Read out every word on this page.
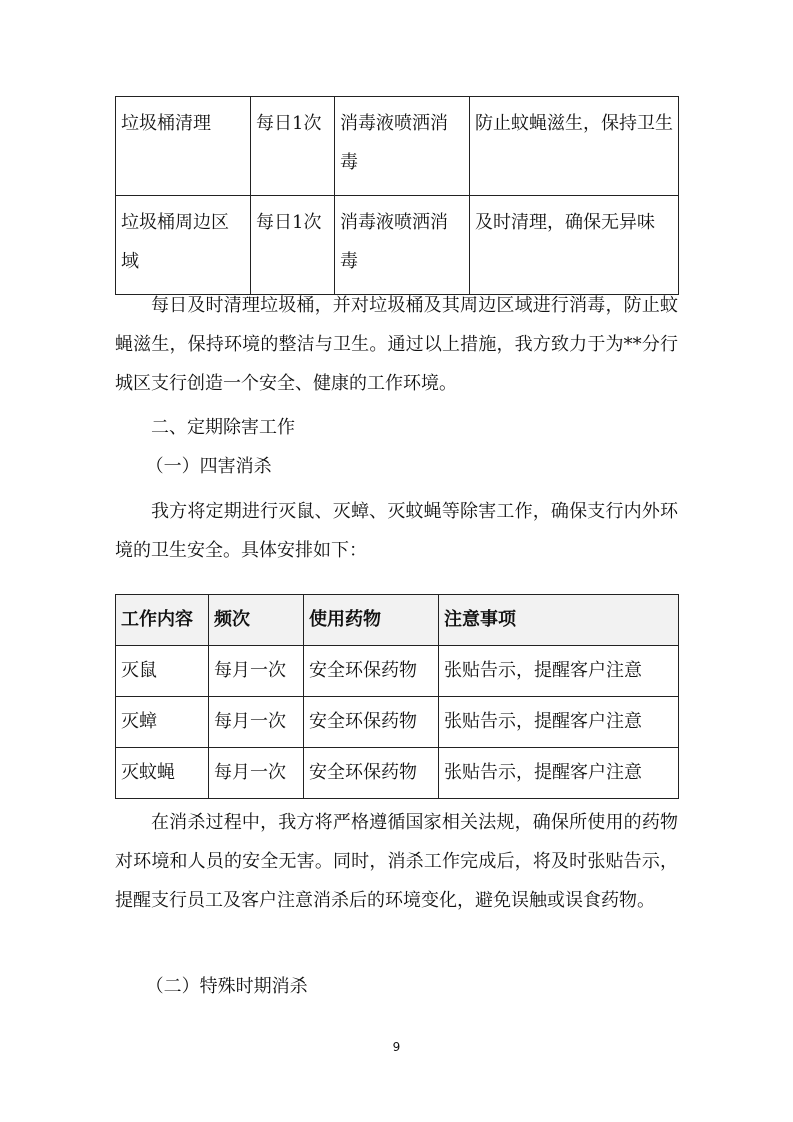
垃圾桶清理	每日1次	消毒液喷洒消毒	防止蚊蝇滋生，保持卫生
垃圾桶周边区域	每日1次	消毒液喷洒消毒	及时清理，确保无异味

每日及时清理垃圾桶，并对垃圾桶及其周边区域进行消毒，防止蚊蝇滋生，保持环境的整洁与卫生。通过以上措施，我方致力于为**分行城区支行创造一个安全、健康的工作环境。

二、定期除害工作

（一）四害消杀

我方将定期进行灭鼠、灭蟑、灭蚊蝇等除害工作，确保支行内外环境的卫生安全。具体安排如下：

工作内容	频次	使用药物	注意事项
灭鼠	每月一次	安全环保药物	张贴告示，提醒客户注意
灭蟑	每月一次	安全环保药物	张贴告示，提醒客户注意
灭蚊蝇	每月一次	安全环保药物	张贴告示，提醒客户注意

在消杀过程中，我方将严格遵循国家相关法规，确保所使用的药物对环境和人员的安全无害。同时，消杀工作完成后，将及时张贴告示，提醒支行员工及客户注意消杀后的环境变化，避免误触或误食药物。

（二）特殊时期消杀

9
